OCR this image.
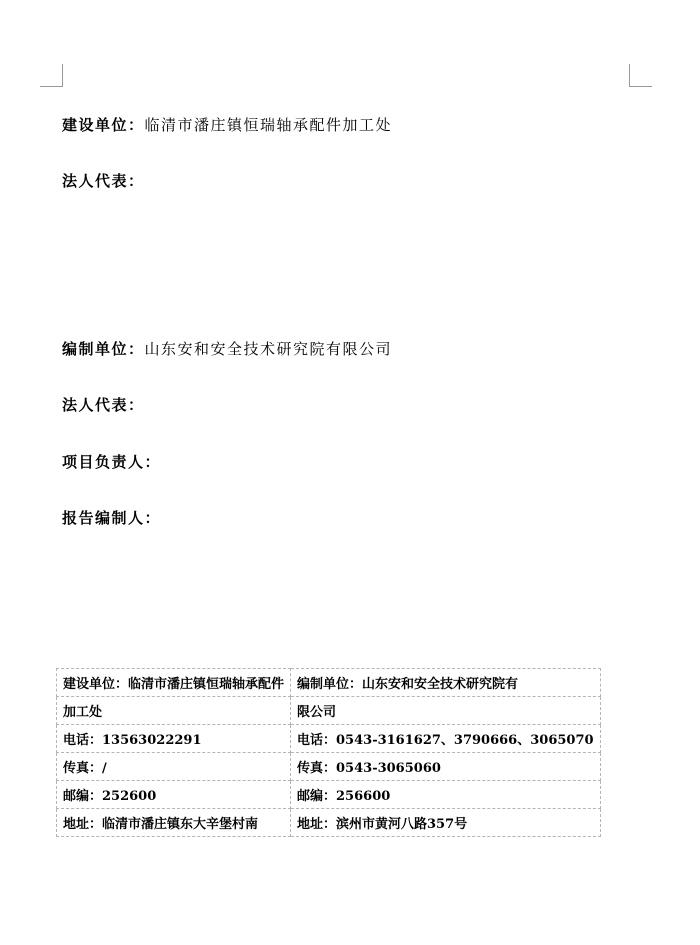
建设单位：临清市潘庄镇恒瑞轴承配件加工处
法人代表：
编制单位：山东安和安全技术研究院有限公司
法人代表：
项目负责人：
报告编制人：
建设单位：临清市潘庄镇恒瑞轴承配件	编制单位：山东安和安全技术研究院有
加工处	限公司
电话：13563022291	电话：0543-3161627、3790666、3065070
传真：/	传真：0543-3065060
邮编：252600	邮编：256600
地址：临清市潘庄镇东大辛堡村南	地址：滨州市黄河八路357号
